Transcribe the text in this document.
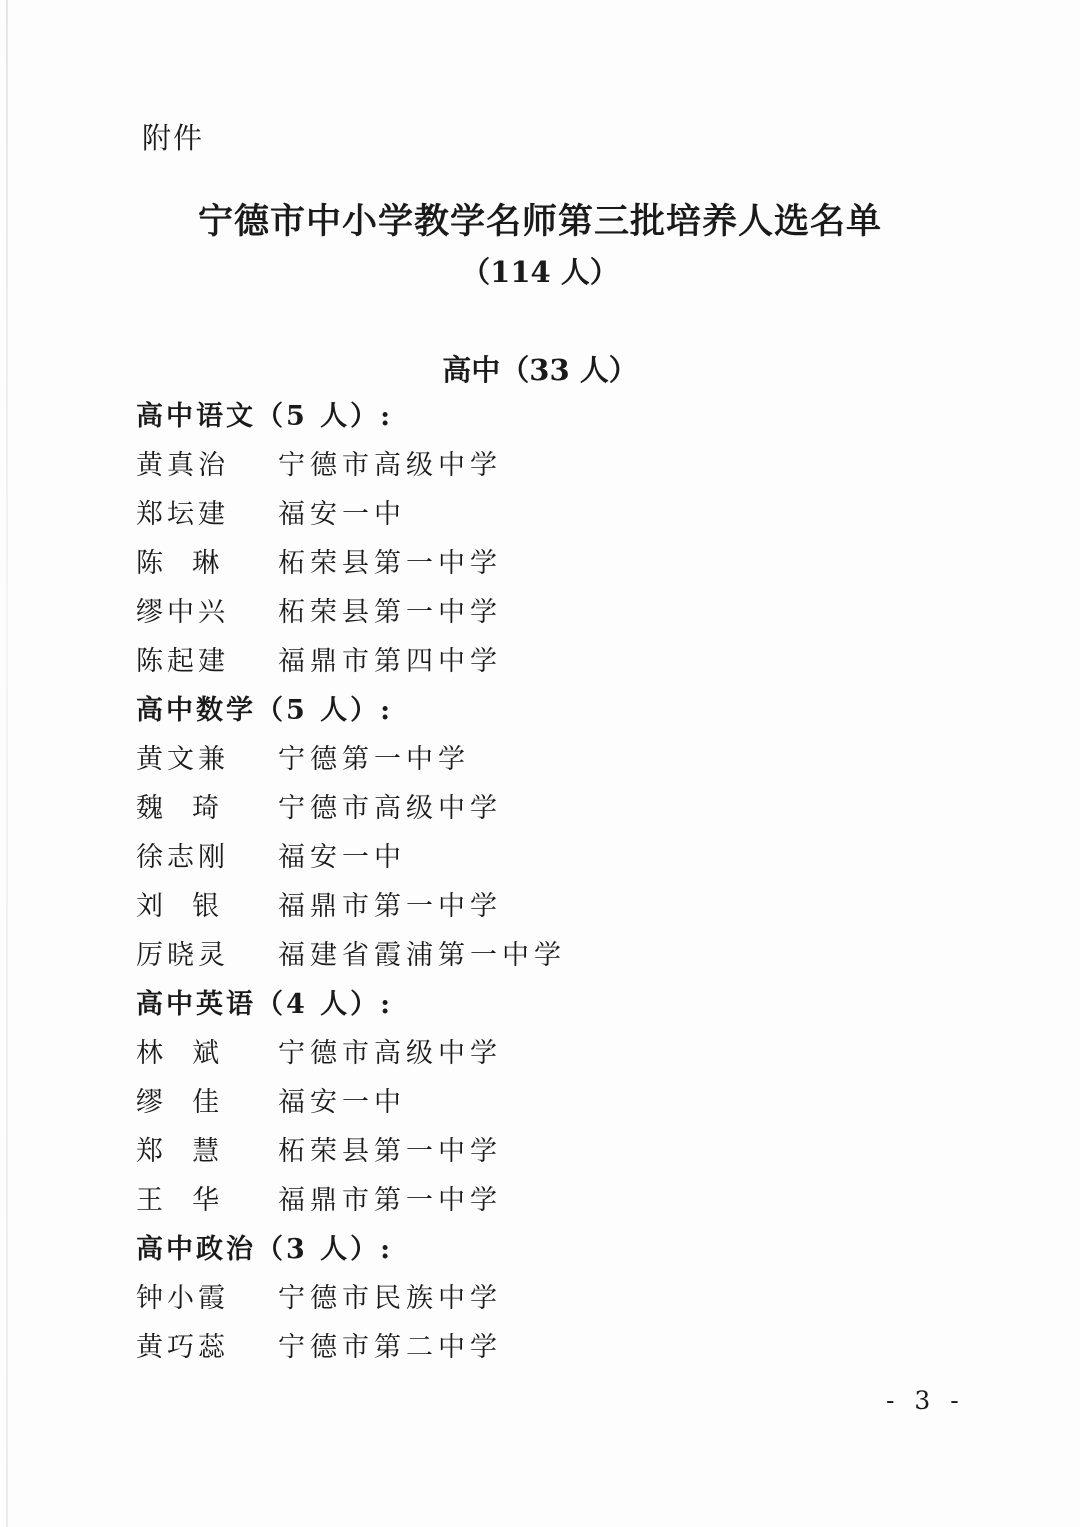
附件
宁德市中小学教学名师第三批培养人选名单
（114 人）
高中（33 人）
高中语文（5 人）:
黄真治	宁德市高级中学
郑坛建	福安一中
陈  琳	柘荣县第一中学
缪中兴	柘荣县第一中学
陈起建	福鼎市第四中学
高中数学（5 人）:
黄文兼	宁德第一中学
魏  琦	宁德市高级中学
徐志刚	福安一中
刘  银	福鼎市第一中学
厉晓灵	福建省霞浦第一中学
高中英语（4 人）:
林  斌	宁德市高级中学
缪  佳	福安一中
郑  慧	柘荣县第一中学
王  华	福鼎市第一中学
高中政治（3 人）:
钟小霞	宁德市民族中学
黄巧蕊	宁德市第二中学
- 3 -
